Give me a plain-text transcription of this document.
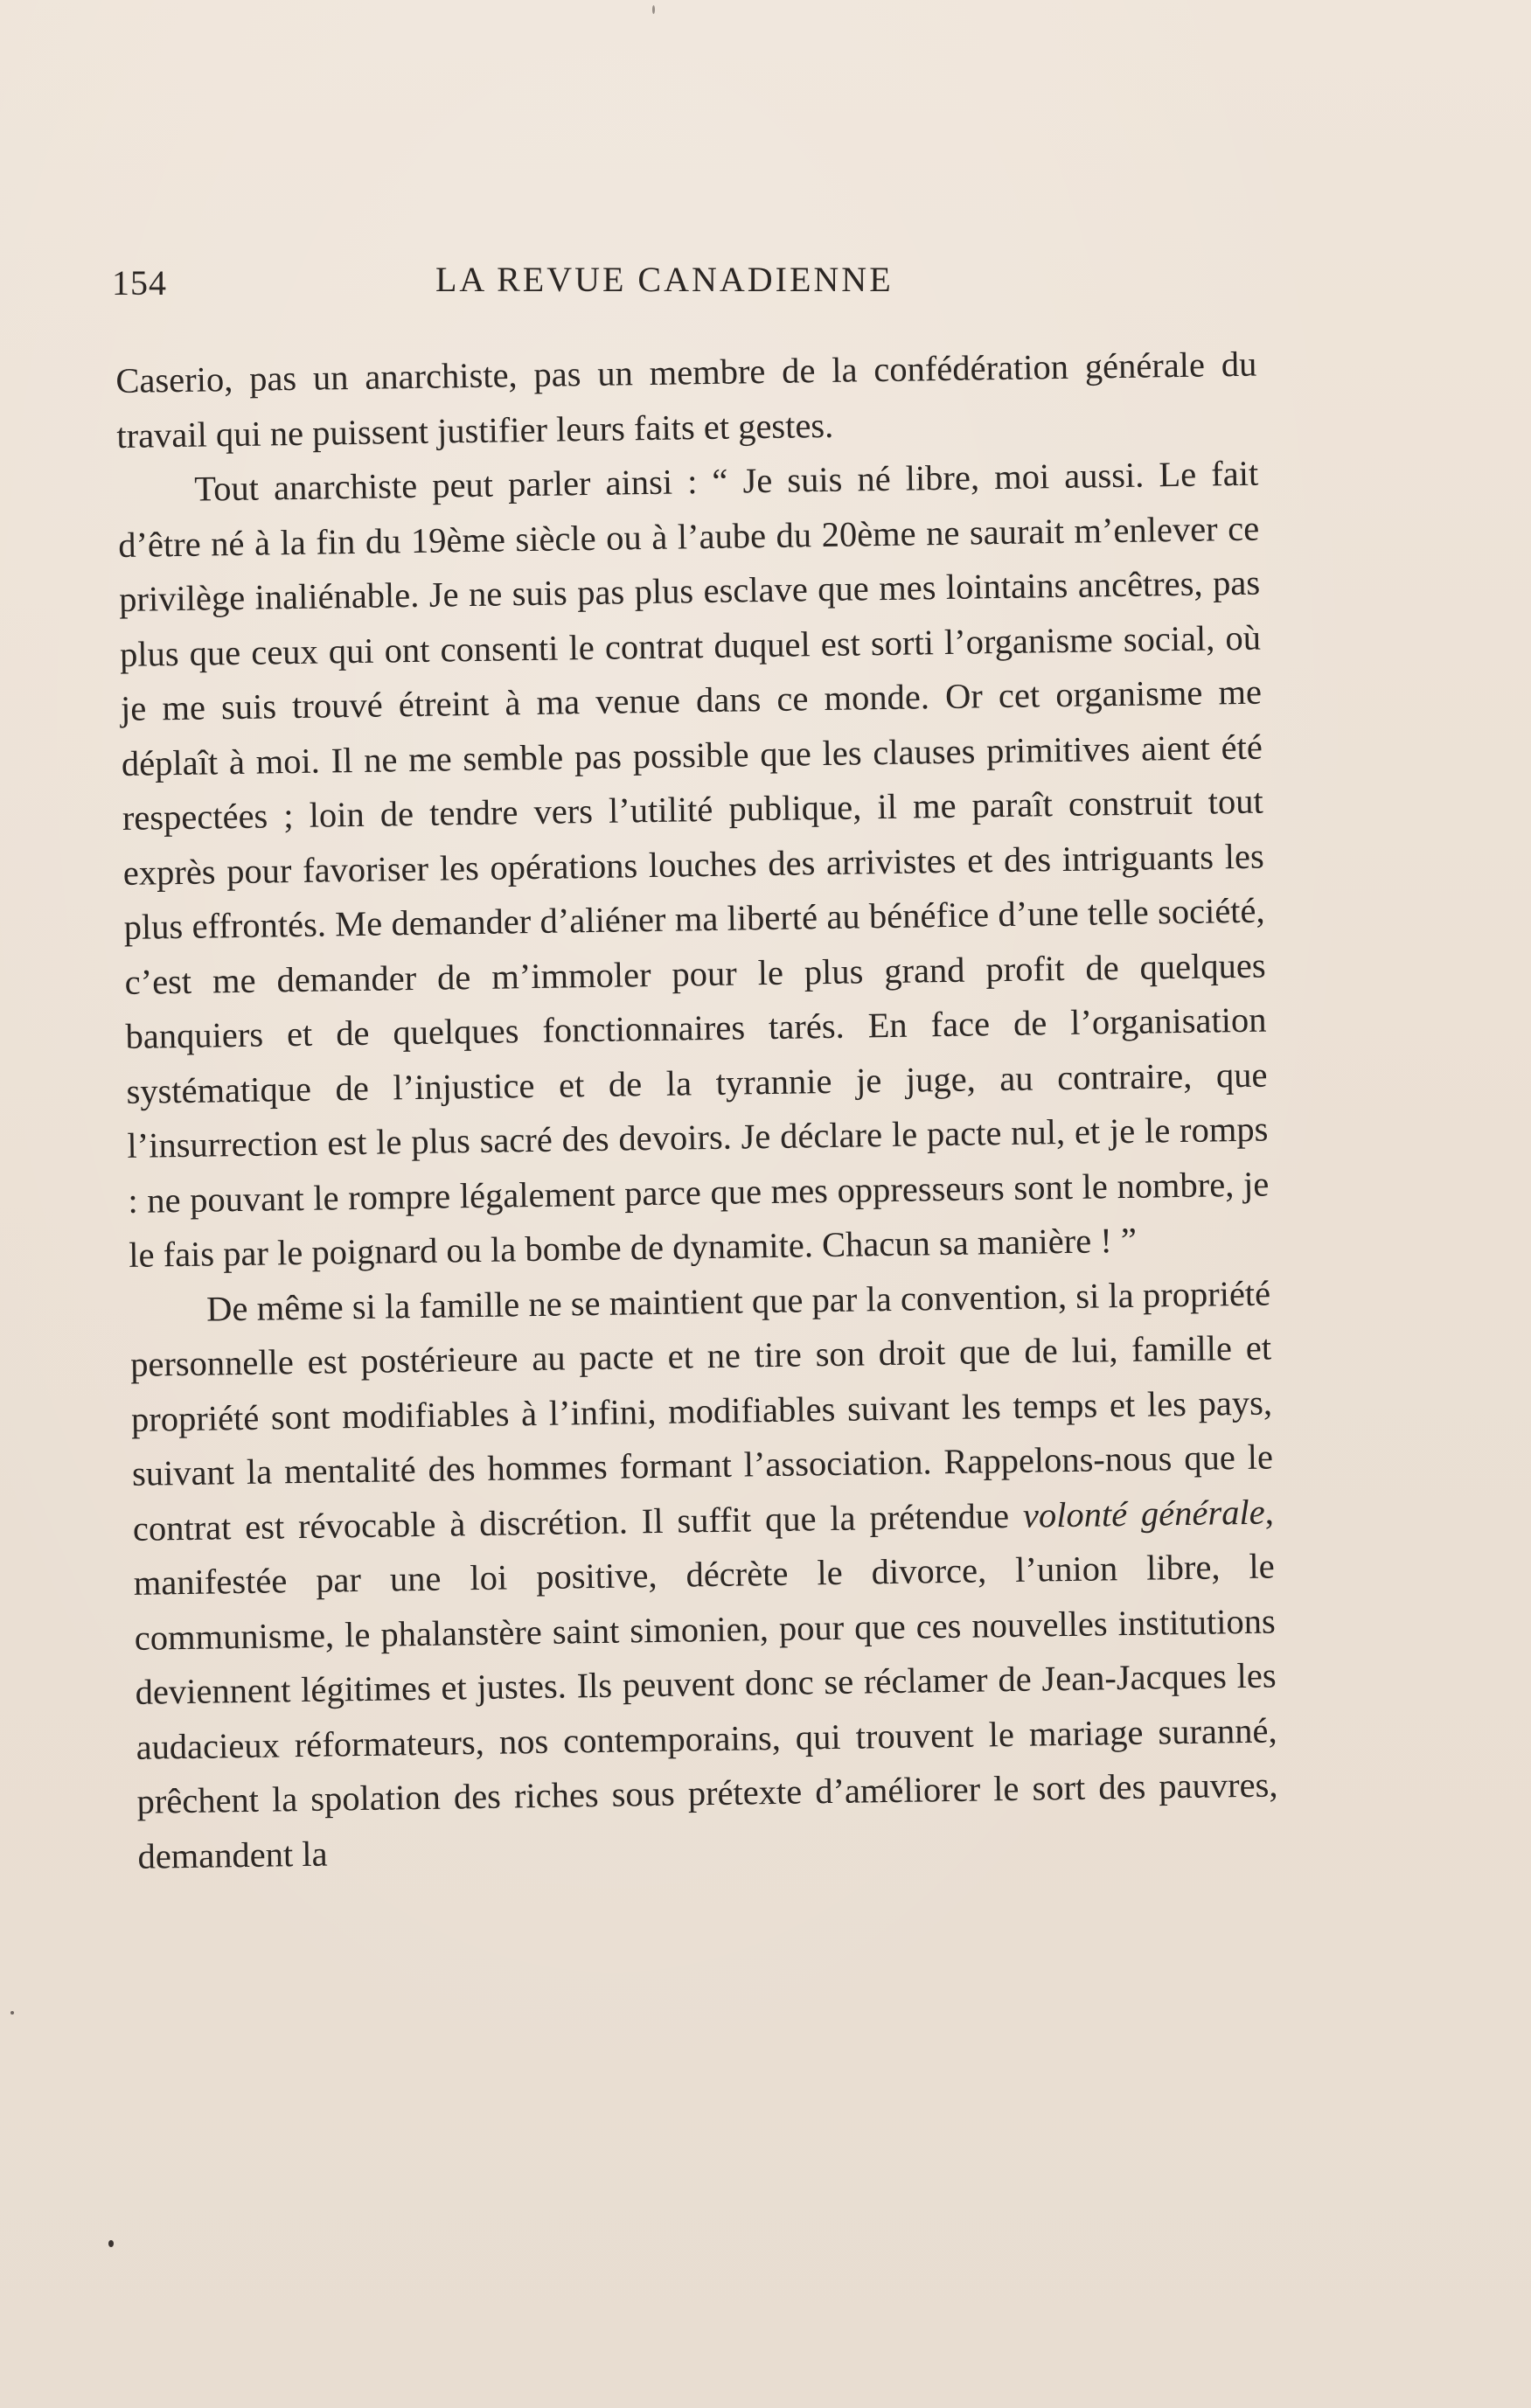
154	LA REVUE CANADIENNE

Caserio, pas un anarchiste, pas un membre de la confédération générale du travail qui ne puissent justifier leurs faits et gestes.

Tout anarchiste peut parler ainsi : “ Je suis né libre, moi aussi. Le fait d’être né à la fin du 19ème siècle ou à l’aube du 20ème ne saurait m’enlever ce privilège inaliénable. Je ne suis pas plus esclave que mes lointains ancêtres, pas plus que ceux qui ont consenti le contrat duquel est sorti l’organisme social, où je me suis trouvé étreint à ma venue dans ce monde. Or cet organisme me déplaît à moi. Il ne me semble pas possible que les clauses primitives aient été respectées ; loin de tendre vers l’utilité publique, il me paraît construit tout exprès pour favoriser les opérations louches des arrivistes et des intriguants les plus effrontés. Me demander d’aliéner ma liberté au bénéfice d’une telle société, c’est me demander de m’immoler pour le plus grand profit de quelques banquiers et de quelques fonctionnaires tarés. En face de l’organisation systématique de l’injustice et de la tyrannie je juge, au contraire, que l’insurrection est le plus sacré des devoirs. Je déclare le pacte nul, et je le romps : ne pouvant le rompre légalement parce que mes oppresseurs sont le nombre, je le fais par le poignard ou la bombe de dynamite. Chacun sa manière ! ”

De même si la famille ne se maintient que par la convention, si la propriété personnelle est postérieure au pacte et ne tire son droit que de lui, famille et propriété sont modifiables à l’infini, modifiables suivant les temps et les pays, suivant la mentalité des hommes formant l’association. Rappelons-nous que le contrat est révocable à discrétion. Il suffit que la prétendue volonté générale, manifestée par une loi positive, décrète le divorce, l’union libre, le communisme, le phalanstère saint simonien, pour que ces nouvelles institutions deviennent légitimes et justes. Ils peuvent donc se réclamer de Jean-Jacques les audacieux réformateurs, nos contemporains, qui trouvent le mariage suranné, prêchent la spolation des riches sous prétexte d’améliorer le sort des pauvres, demandent la
